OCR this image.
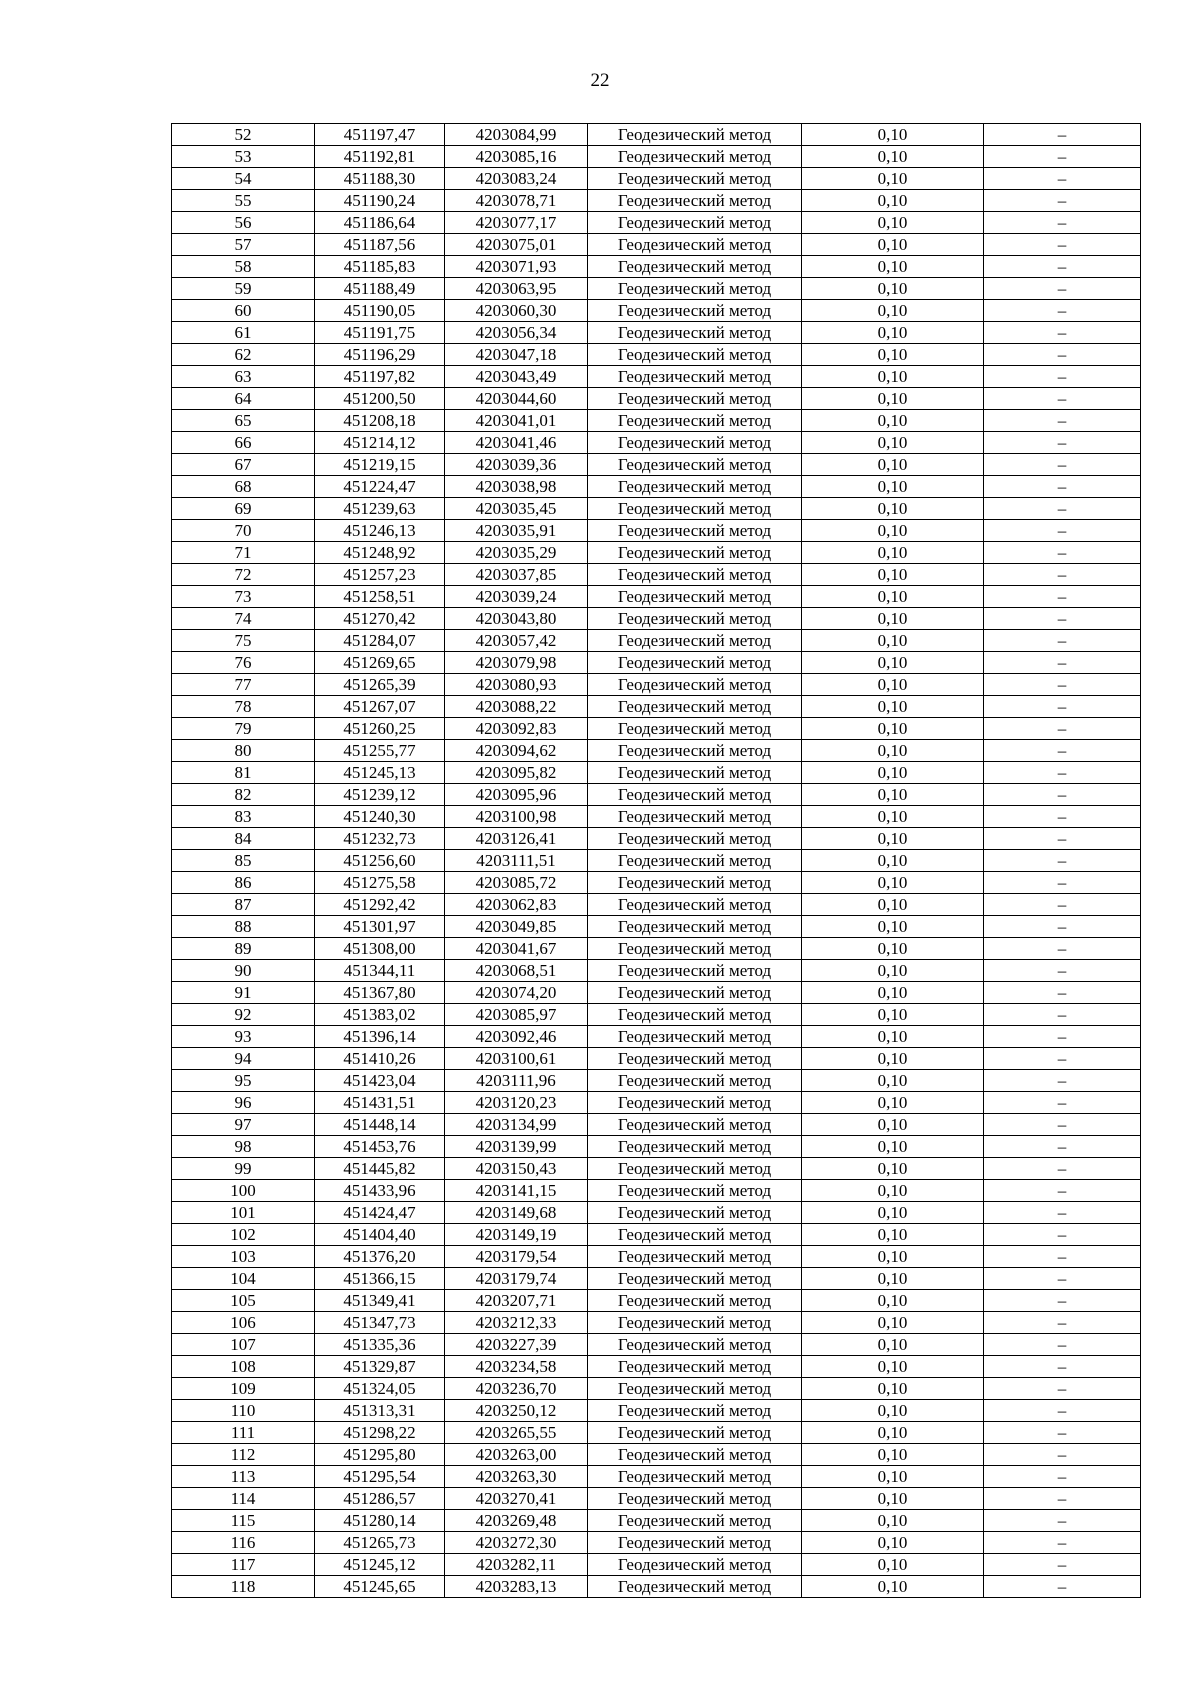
22
52	451197,47	4203084,99	Геодезический метод	0,10	–
53	451192,81	4203085,16	Геодезический метод	0,10	–
54	451188,30	4203083,24	Геодезический метод	0,10	–
55	451190,24	4203078,71	Геодезический метод	0,10	–
56	451186,64	4203077,17	Геодезический метод	0,10	–
57	451187,56	4203075,01	Геодезический метод	0,10	–
58	451185,83	4203071,93	Геодезический метод	0,10	–
59	451188,49	4203063,95	Геодезический метод	0,10	–
60	451190,05	4203060,30	Геодезический метод	0,10	–
61	451191,75	4203056,34	Геодезический метод	0,10	–
62	451196,29	4203047,18	Геодезический метод	0,10	–
63	451197,82	4203043,49	Геодезический метод	0,10	–
64	451200,50	4203044,60	Геодезический метод	0,10	–
65	451208,18	4203041,01	Геодезический метод	0,10	–
66	451214,12	4203041,46	Геодезический метод	0,10	–
67	451219,15	4203039,36	Геодезический метод	0,10	–
68	451224,47	4203038,98	Геодезический метод	0,10	–
69	451239,63	4203035,45	Геодезический метод	0,10	–
70	451246,13	4203035,91	Геодезический метод	0,10	–
71	451248,92	4203035,29	Геодезический метод	0,10	–
72	451257,23	4203037,85	Геодезический метод	0,10	–
73	451258,51	4203039,24	Геодезический метод	0,10	–
74	451270,42	4203043,80	Геодезический метод	0,10	–
75	451284,07	4203057,42	Геодезический метод	0,10	–
76	451269,65	4203079,98	Геодезический метод	0,10	–
77	451265,39	4203080,93	Геодезический метод	0,10	–
78	451267,07	4203088,22	Геодезический метод	0,10	–
79	451260,25	4203092,83	Геодезический метод	0,10	–
80	451255,77	4203094,62	Геодезический метод	0,10	–
81	451245,13	4203095,82	Геодезический метод	0,10	–
82	451239,12	4203095,96	Геодезический метод	0,10	–
83	451240,30	4203100,98	Геодезический метод	0,10	–
84	451232,73	4203126,41	Геодезический метод	0,10	–
85	451256,60	4203111,51	Геодезический метод	0,10	–
86	451275,58	4203085,72	Геодезический метод	0,10	–
87	451292,42	4203062,83	Геодезический метод	0,10	–
88	451301,97	4203049,85	Геодезический метод	0,10	–
89	451308,00	4203041,67	Геодезический метод	0,10	–
90	451344,11	4203068,51	Геодезический метод	0,10	–
91	451367,80	4203074,20	Геодезический метод	0,10	–
92	451383,02	4203085,97	Геодезический метод	0,10	–
93	451396,14	4203092,46	Геодезический метод	0,10	–
94	451410,26	4203100,61	Геодезический метод	0,10	–
95	451423,04	4203111,96	Геодезический метод	0,10	–
96	451431,51	4203120,23	Геодезический метод	0,10	–
97	451448,14	4203134,99	Геодезический метод	0,10	–
98	451453,76	4203139,99	Геодезический метод	0,10	–
99	451445,82	4203150,43	Геодезический метод	0,10	–
100	451433,96	4203141,15	Геодезический метод	0,10	–
101	451424,47	4203149,68	Геодезический метод	0,10	–
102	451404,40	4203149,19	Геодезический метод	0,10	–
103	451376,20	4203179,54	Геодезический метод	0,10	–
104	451366,15	4203179,74	Геодезический метод	0,10	–
105	451349,41	4203207,71	Геодезический метод	0,10	–
106	451347,73	4203212,33	Геодезический метод	0,10	–
107	451335,36	4203227,39	Геодезический метод	0,10	–
108	451329,87	4203234,58	Геодезический метод	0,10	–
109	451324,05	4203236,70	Геодезический метод	0,10	–
110	451313,31	4203250,12	Геодезический метод	0,10	–
111	451298,22	4203265,55	Геодезический метод	0,10	–
112	451295,80	4203263,00	Геодезический метод	0,10	–
113	451295,54	4203263,30	Геодезический метод	0,10	–
114	451286,57	4203270,41	Геодезический метод	0,10	–
115	451280,14	4203269,48	Геодезический метод	0,10	–
116	451265,73	4203272,30	Геодезический метод	0,10	–
117	451245,12	4203282,11	Геодезический метод	0,10	–
118	451245,65	4203283,13	Геодезический метод	0,10	–
